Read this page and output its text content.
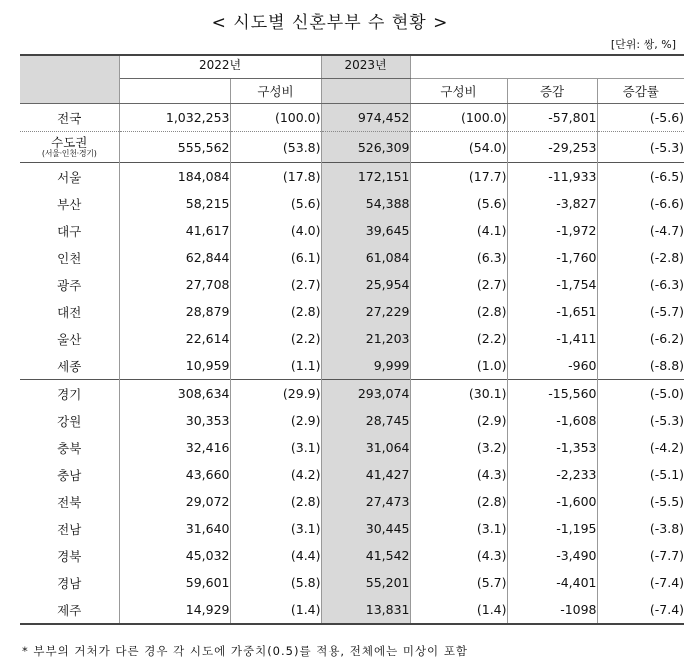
< 시도별 신혼부부 수 현황 >
[단위: 쌍, %]
	2022년		2023년			
		구성비		구성비	증감	증감률
전국	1,032,253	(100.0)	974,452	(100.0)	-57,801	(-5.6)

수도권
(서울·인천·경기)	555,562	(53.8)	526,309	(54.0)	-29,253	(-5.3)
서울	184,084	(17.8)	172,151	(17.7)	-11,933	(-6.5)
부산	58,215	(5.6)	54,388	(5.6)	-3,827	(-6.6)
대구	41,617	(4.0)	39,645	(4.1)	-1,972	(-4.7)
인천	62,844	(6.1)	61,084	(6.3)	-1,760	(-2.8)
광주	27,708	(2.7)	25,954	(2.7)	-1,754	(-6.3)
대전	28,879	(2.8)	27,229	(2.8)	-1,651	(-5.7)
울산	22,614	(2.2)	21,203	(2.2)	-1,411	(-6.2)
세종	10,959	(1.1)	9,999	(1.0)	-960	(-8.8)
경기	308,634	(29.9)	293,074	(30.1)	-15,560	(-5.0)
강원	30,353	(2.9)	28,745	(2.9)	-1,608	(-5.3)
충북	32,416	(3.1)	31,064	(3.2)	-1,353	(-4.2)
충남	43,660	(4.2)	41,427	(4.3)	-2,233	(-5.1)
전북	29,072	(2.8)	27,473	(2.8)	-1,600	(-5.5)
전남	31,640	(3.1)	30,445	(3.1)	-1,195	(-3.8)
경북	45,032	(4.4)	41,542	(4.3)	-3,490	(-7.7)
경남	59,601	(5.8)	55,201	(5.7)	-4,401	(-7.4)
제주	14,929	(1.4)	13,831	(1.4)	-1098	(-7.4)
* 부부의 거처가 다른 경우 각 시도에 가중치(0.5)를 적용, 전체에는 미상이 포함
